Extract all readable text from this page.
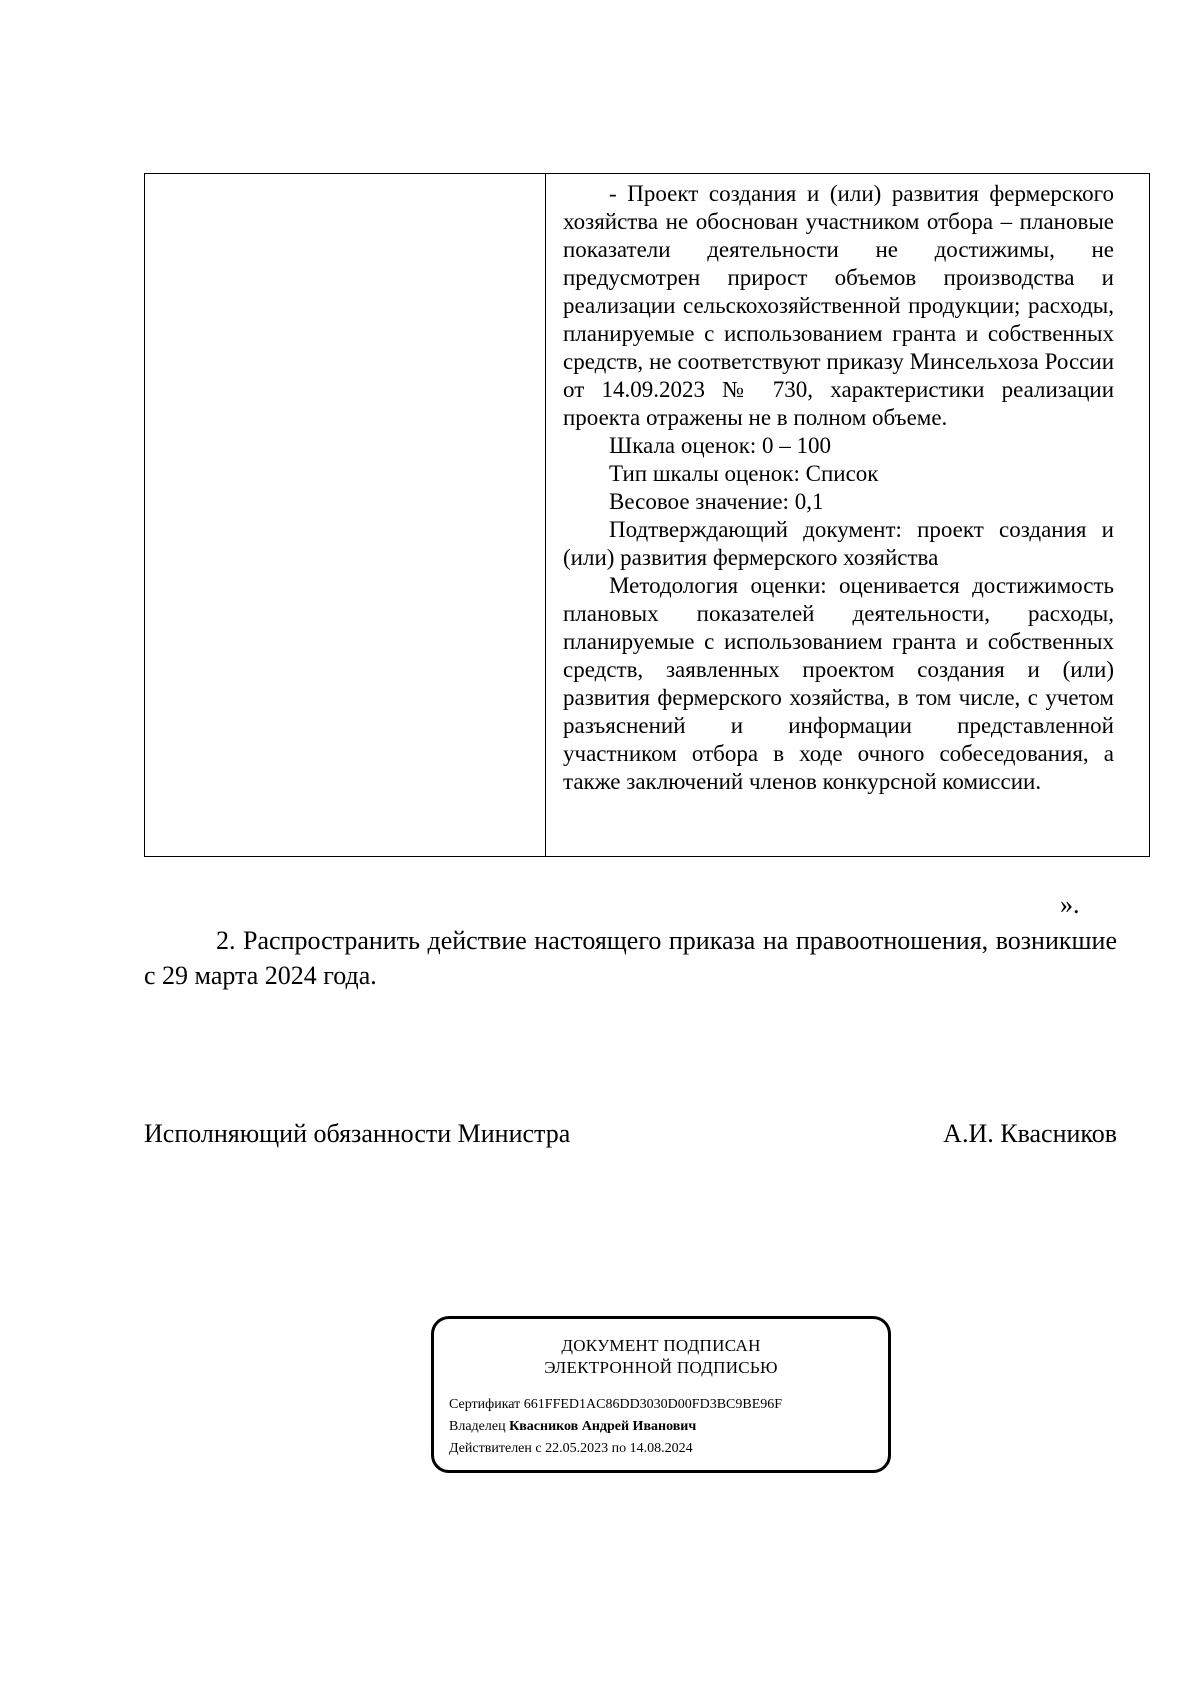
- Проект создания и (или) развития фермерского хозяйства не обоснован участником отбора – плановые показатели деятельности не достижимы, не предусмотрен прирост объемов производства и реализации сельскохозяйственной продукции; расходы, планируемые с использованием гранта и собственных средств, не соответствуют приказу Минсельхоза России от 14.09.2023 № 730, характеристики реализации проекта отражены не в полном объеме.

Шкала оценок: 0 – 100

Тип шкалы оценок: Список

Весовое значение: 0,1

Подтверждающий документ: проект создания и (или) развития фермерского хозяйства

Методология оценки: оценивается достижимость плановых показателей деятельности, расходы, планируемые с использованием гранта и собственных средств, заявленных проектом создания и (или) развития фермерского хозяйства, в том числе, с учетом разъяснений и информации представленной участником отбора в ходе очного собеседования, а также заключений членов конкурсной комиссии.

».

2. Распространить действие настоящего приказа на правоотношения, возникшие с 29 марта 2024 года.

Исполняющий обязанности Министра	А.И. Квасников
ДОКУМЕНТ ПОДПИСАН
ЭЛЕКТРОННОЙ ПОДПИСЬЮ
Сертификат 661FFED1AC86DD3030D00FD3BC9BE96F
Владелец Квасников Андрей Иванович
Действителен с 22.05.2023 по 14.08.2024
